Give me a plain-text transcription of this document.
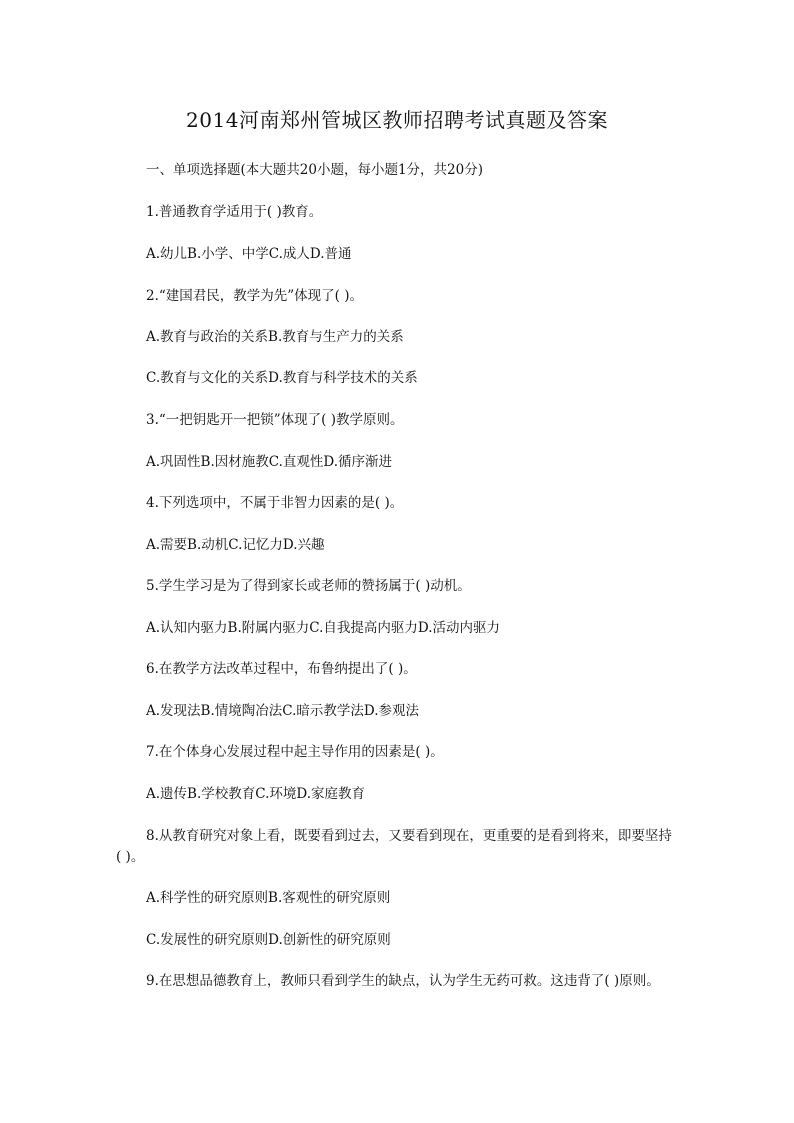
2014河南郑州管城区教师招聘考试真题及答案

一、单项选择题(本大题共20小题，每小题1分，共20分)

1.普通教育学适用于( )教育。

A.幼儿B.小学、中学C.成人D.普通

2.“建国君民，教学为先”体现了( )。

A.教育与政治的关系B.教育与生产力的关系

C.教育与文化的关系D.教育与科学技术的关系

3.“一把钥匙开一把锁”体现了( )教学原则。

A.巩固性B.因材施教C.直观性D.循序渐进

4.下列选项中，不属于非智力因素的是( )。

A.需要B.动机C.记忆力D.兴趣

5.学生学习是为了得到家长或老师的赞扬属于( )动机。

A.认知内驱力B.附属内驱力C.自我提高内驱力D.活动内驱力

6.在教学方法改革过程中，布鲁纳提出了( )。

A.发现法B.情境陶冶法C.暗示教学法D.参观法

7.在个体身心发展过程中起主导作用的因素是( )。

A.遗传B.学校教育C.环境D.家庭教育

8.从教育研究对象上看，既要看到过去，又要看到现在，更重要的是看到将来，即要坚持( )。

A.科学性的研究原则B.客观性的研究原则

C.发展性的研究原则D.创新性的研究原则

9.在思想品德教育上，教师只看到学生的缺点，认为学生无药可救。这违背了( )原则。
